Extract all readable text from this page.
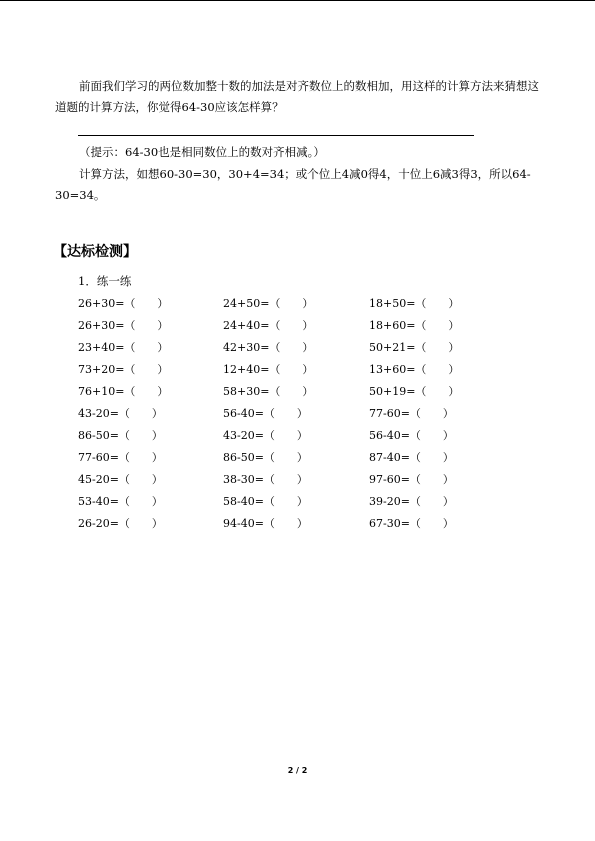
前面我们学习的两位数加整十数的加法是对齐数位上的数相加，用这样的计算方法来猜想这道题的计算方法，你觉得64-30应该怎样算？
（提示：64-30也是相同数位上的数对齐相减。）
计算方法，如想60-30=30，30+4=34；或个位上4减0得4，十位上6减3得3，所以64-30=34。
【达标检测】
1．练一练
26+30=（　　）	24+50=（　　）	18+50=（　　）
26+30=（　　）	24+40=（　　）	18+60=（　　）
23+40=（　　）	42+30=（　　）	50+21=（　　）
73+20=（　　）	12+40=（　　）	13+60=（　　）
76+10=（　　）	58+30=（　　）	50+19=（　　）
43-20=（　　）	56-40=（　　）	77-60=（　　）
86-50=（　　）	43-20=（　　）	56-40=（　　）
77-60=（　　）	86-50=（　　）	87-40=（　　）
45-20=（　　）	38-30=（　　）	97-60=（　　）
53-40=（　　）	58-40=（　　）	39-20=（　　）
26-20=（　　）	94-40=（　　）	67-30=（　　）
2 / 2
